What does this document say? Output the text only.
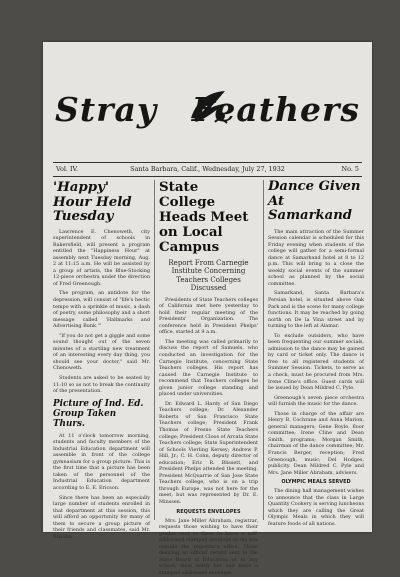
Stray Feathers
Vol. IV.	Santa Barbara, Calif., Wednesday, July 27, 1932	No. 5
'Happy' Hour Held Tuesday

Lawrence E. Chenoweth, city superintendent of schools in Bakersfield, will present a program entitled the "Happiness Hour" at assembly next Tuesday morning, Aug. 2 at 11:15 a.m. He will be assisted by a group of artists, the Blue-Stocking 12-piece orchestra under the direction of Fred Greenough.

The program, an antidote for the depression, will consist of "life's hectic tempo with a sprinkle of music, a dash of poetry, some philosophy and a short message called 'Hallmarks and Advertising Bunk.'"

"If you do not get a giggle and some sound thought out of the seven minutes of a startling new treatment of an interesting every day thing, you should see your doctor," said Mr. Chenoweth.

Students are asked to be seated by 11:10 so as not to break the continuity of the presentation.

Picture of Ind. Ed. Group Taken Thurs.

At 11 o'clock tomorrow morning, students and faculty members of the Industrial Education department will assemble in front of the college gymnasium for a group picture. This is the first time that a picture has been taken of the personnel of the Industrial Education department according to E. E. Ericson.

Since there has been an especially large number of students enrolled in that department at this session, this will afford an opportunity for many of them to secure a group picture of their friends and classmates, said Mr. Ericson.

State College Heads Meet on Local Campus
Report From Carnegie Institute Concerning Teachers Colleges Discussed

Presidents of State Teachers colleges of California met here yesterday to hold their regular meeting of the Presidents' Organization. The conference held in President Phelps' office, started at 9 a.m.

The meeting was called primarily to discuss the report of Samuels, who conducted an investigation for the Carnegie Institute, concerning State Teachers colleges. His report has caused the Carnegie Institute to recommend that Teachers colleges be given junior college standing and placed under universities.

Dr. Edward L. Hardy of San Diego Teachers college; Dr. Alexander Roberts of San Francisco State Teachers college; President Frank Thomas of Fresno State Teachers college; President Cloos of Arcata State Teachers college; State Superintendent of Schools Vierling Kersey; Andrew P. Hill, Jr.; C. H. Cohn, deputy director of education; Eric R. Blissett, and President Phelps attended the meeting. President McQuarrie of San Jose State Teachers college, who is on a trip through Europe, was not here for the meet, but was represented by Dr. E. Minssen.

REQUESTS ENVELOPES

Mrs. Jane Miller Abraham, registrar, requests those wishing to have their grades sent to them to leave a self-addressed stamped envelope in the box outside the registrar's office. Those desiring an official record sent to the State Board of Education or to any school, must notify her and leave a stamped addressed envelope.

Dance Given At Samarkand

The main attraction of the Summer Session calendar is scheduled for this Friday evening when students of the college will gather for a semi-formal dance at Samarkand hotel at 8 to 12 p.m. This will bring to a close the weekly social events of the summer school as planned by the social committee.

Samarkand, Santa Barbara's Persian hotel, is situated above Oak Park and is the scene for many college functions. It may be reached by going north on De la Vina street and by turning to the left at Alamar.

To exclude outsiders, who have been frequenting our summer socials, admission to the dance may be gained by card or ticket only. The dance is free to all registered students of Summer Session. Tickets, to serve as a check, must be procured from Mrs. Irene Cline's office. Guest cards will be issued by Dean Mildred C. Pyle.

Greenough's seven piece orchestra will furnish the music for the dance.

Those in charge of the affair are Henry B. Cochrane and Anna Marion, general managers; Gene Boyle, floor committee; Irene Cline and Dean Smith, programs; Morgan Smith, chairman of the dance committee; Mr. Francis Berger, reception; Fred Greenough, music; Del Hodges, publicity. Dean Mildred C. Pyle and Mrs. Jane Miller Abraham, advisers.

OLYMPIC MEALS SERVED

The dining hall management wishes to announce that the class in Large Quantity Cookery is serving luncheons which they are calling the Great Olympic Meals in which they will feature foods of all nations.
